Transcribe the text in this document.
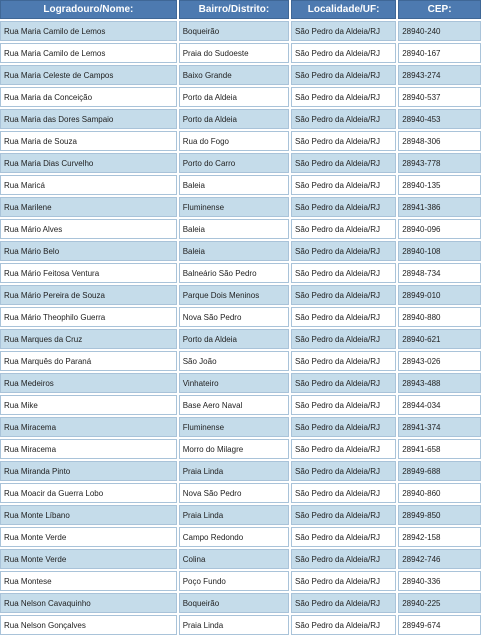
Logradouro/Nome:	Bairro/Distrito:	Localidade/UF:	CEP:
Rua Maria Camilo de Lemos	Boqueirão	São Pedro da Aldeia/RJ	28940-240
Rua Maria Camilo de Lemos	Praia do Sudoeste	São Pedro da Aldeia/RJ	28940-167
Rua Maria Celeste de Campos	Baixo Grande	São Pedro da Aldeia/RJ	28943-274
Rua Maria da Conceição	Porto da Aldeia	São Pedro da Aldeia/RJ	28940-537
Rua Maria das Dores Sampaio	Porto da Aldeia	São Pedro da Aldeia/RJ	28940-453
Rua Maria de Souza	Rua do Fogo	São Pedro da Aldeia/RJ	28948-306
Rua Maria Dias Curvelho	Porto do Carro	São Pedro da Aldeia/RJ	28943-778
Rua Maricá	Baleia	São Pedro da Aldeia/RJ	28940-135
Rua Marilene	Fluminense	São Pedro da Aldeia/RJ	28941-386
Rua Mário Alves	Baleia	São Pedro da Aldeia/RJ	28940-096
Rua Mário Belo	Baleia	São Pedro da Aldeia/RJ	28940-108
Rua Mário Feitosa Ventura	Balneário São Pedro	São Pedro da Aldeia/RJ	28948-734
Rua Mário Pereira de Souza	Parque Dois Meninos	São Pedro da Aldeia/RJ	28949-010
Rua Mário Theophilo Guerra	Nova São Pedro	São Pedro da Aldeia/RJ	28940-880
Rua Marques da Cruz	Porto da Aldeia	São Pedro da Aldeia/RJ	28940-621
Rua Marquês do Paraná	São João	São Pedro da Aldeia/RJ	28943-026
Rua Medeiros	Vinhateiro	São Pedro da Aldeia/RJ	28943-488
Rua Mike	Base Aero Naval	São Pedro da Aldeia/RJ	28944-034
Rua Miracema	Fluminense	São Pedro da Aldeia/RJ	28941-374
Rua Miracema	Morro do Milagre	São Pedro da Aldeia/RJ	28941-658
Rua Miranda Pinto	Praia Linda	São Pedro da Aldeia/RJ	28949-688
Rua Moacir da Guerra Lobo	Nova São Pedro	São Pedro da Aldeia/RJ	28940-860
Rua Monte Líbano	Praia Linda	São Pedro da Aldeia/RJ	28949-850
Rua Monte Verde	Campo Redondo	São Pedro da Aldeia/RJ	28942-158
Rua Monte Verde	Colina	São Pedro da Aldeia/RJ	28942-746
Rua Montese	Poço Fundo	São Pedro da Aldeia/RJ	28940-336
Rua Nelson Cavaquinho	Boqueirão	São Pedro da Aldeia/RJ	28940-225
Rua Nelson Gonçalves	Praia Linda	São Pedro da Aldeia/RJ	28949-674
